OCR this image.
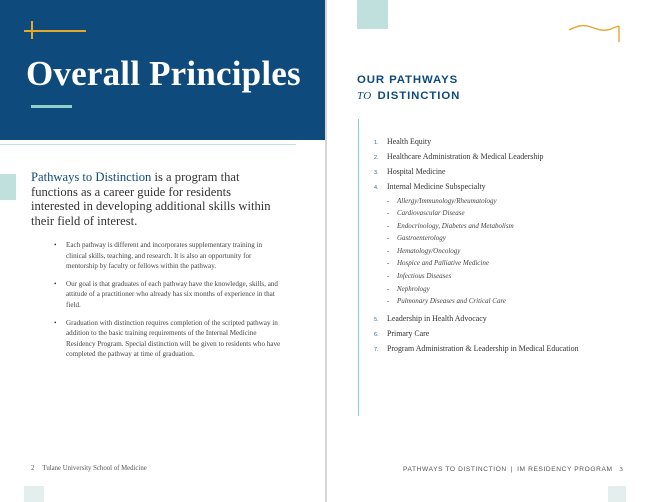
Overall Principles

Pathways to Distinction is a program that functions as a career guide for residents interested in developing additional skills within their field of interest.

• Each pathway is different and incorporates supplementary training in clinical skills, teaching, and research. It is also an opportunity for mentorship by faculty or fellows within the pathway.
• Our goal is that graduates of each pathway have the knowledge, skills, and attitude of a practitioner who already has six months of experience in that field.
• Graduation with distinction requires completion of the scripted pathway in addition to the basic training requirements of the Internal Medicine Residency Program. Special distinction will be given to residents who have completed the pathway at time of graduation.
2 Tulane University School of Medicine
OUR PATHWAYS
TO DISTINCTION
1. Health Equity
2. Healthcare Administration & Medical Leadership
3. Hospital Medicine
4. Internal Medicine Subspecialty
- Allergy/Immunology/Rheumatology
- Cardiovascular Disease
- Endocrinology, Diabetes and Metabolism
- Gastroenterology
- Hematology/Oncology
- Hospice and Palliative Medicine
- Infectious Diseases
- Nephrology
- Pulmonary Diseases and Critical Care
5. Leadership in Health Advocacy
6. Primary Care
7. Program Administration & Leadership in Medical Education
PATHWAYS TO DISTINCTION | IM RESIDENCY PROGRAM 3
